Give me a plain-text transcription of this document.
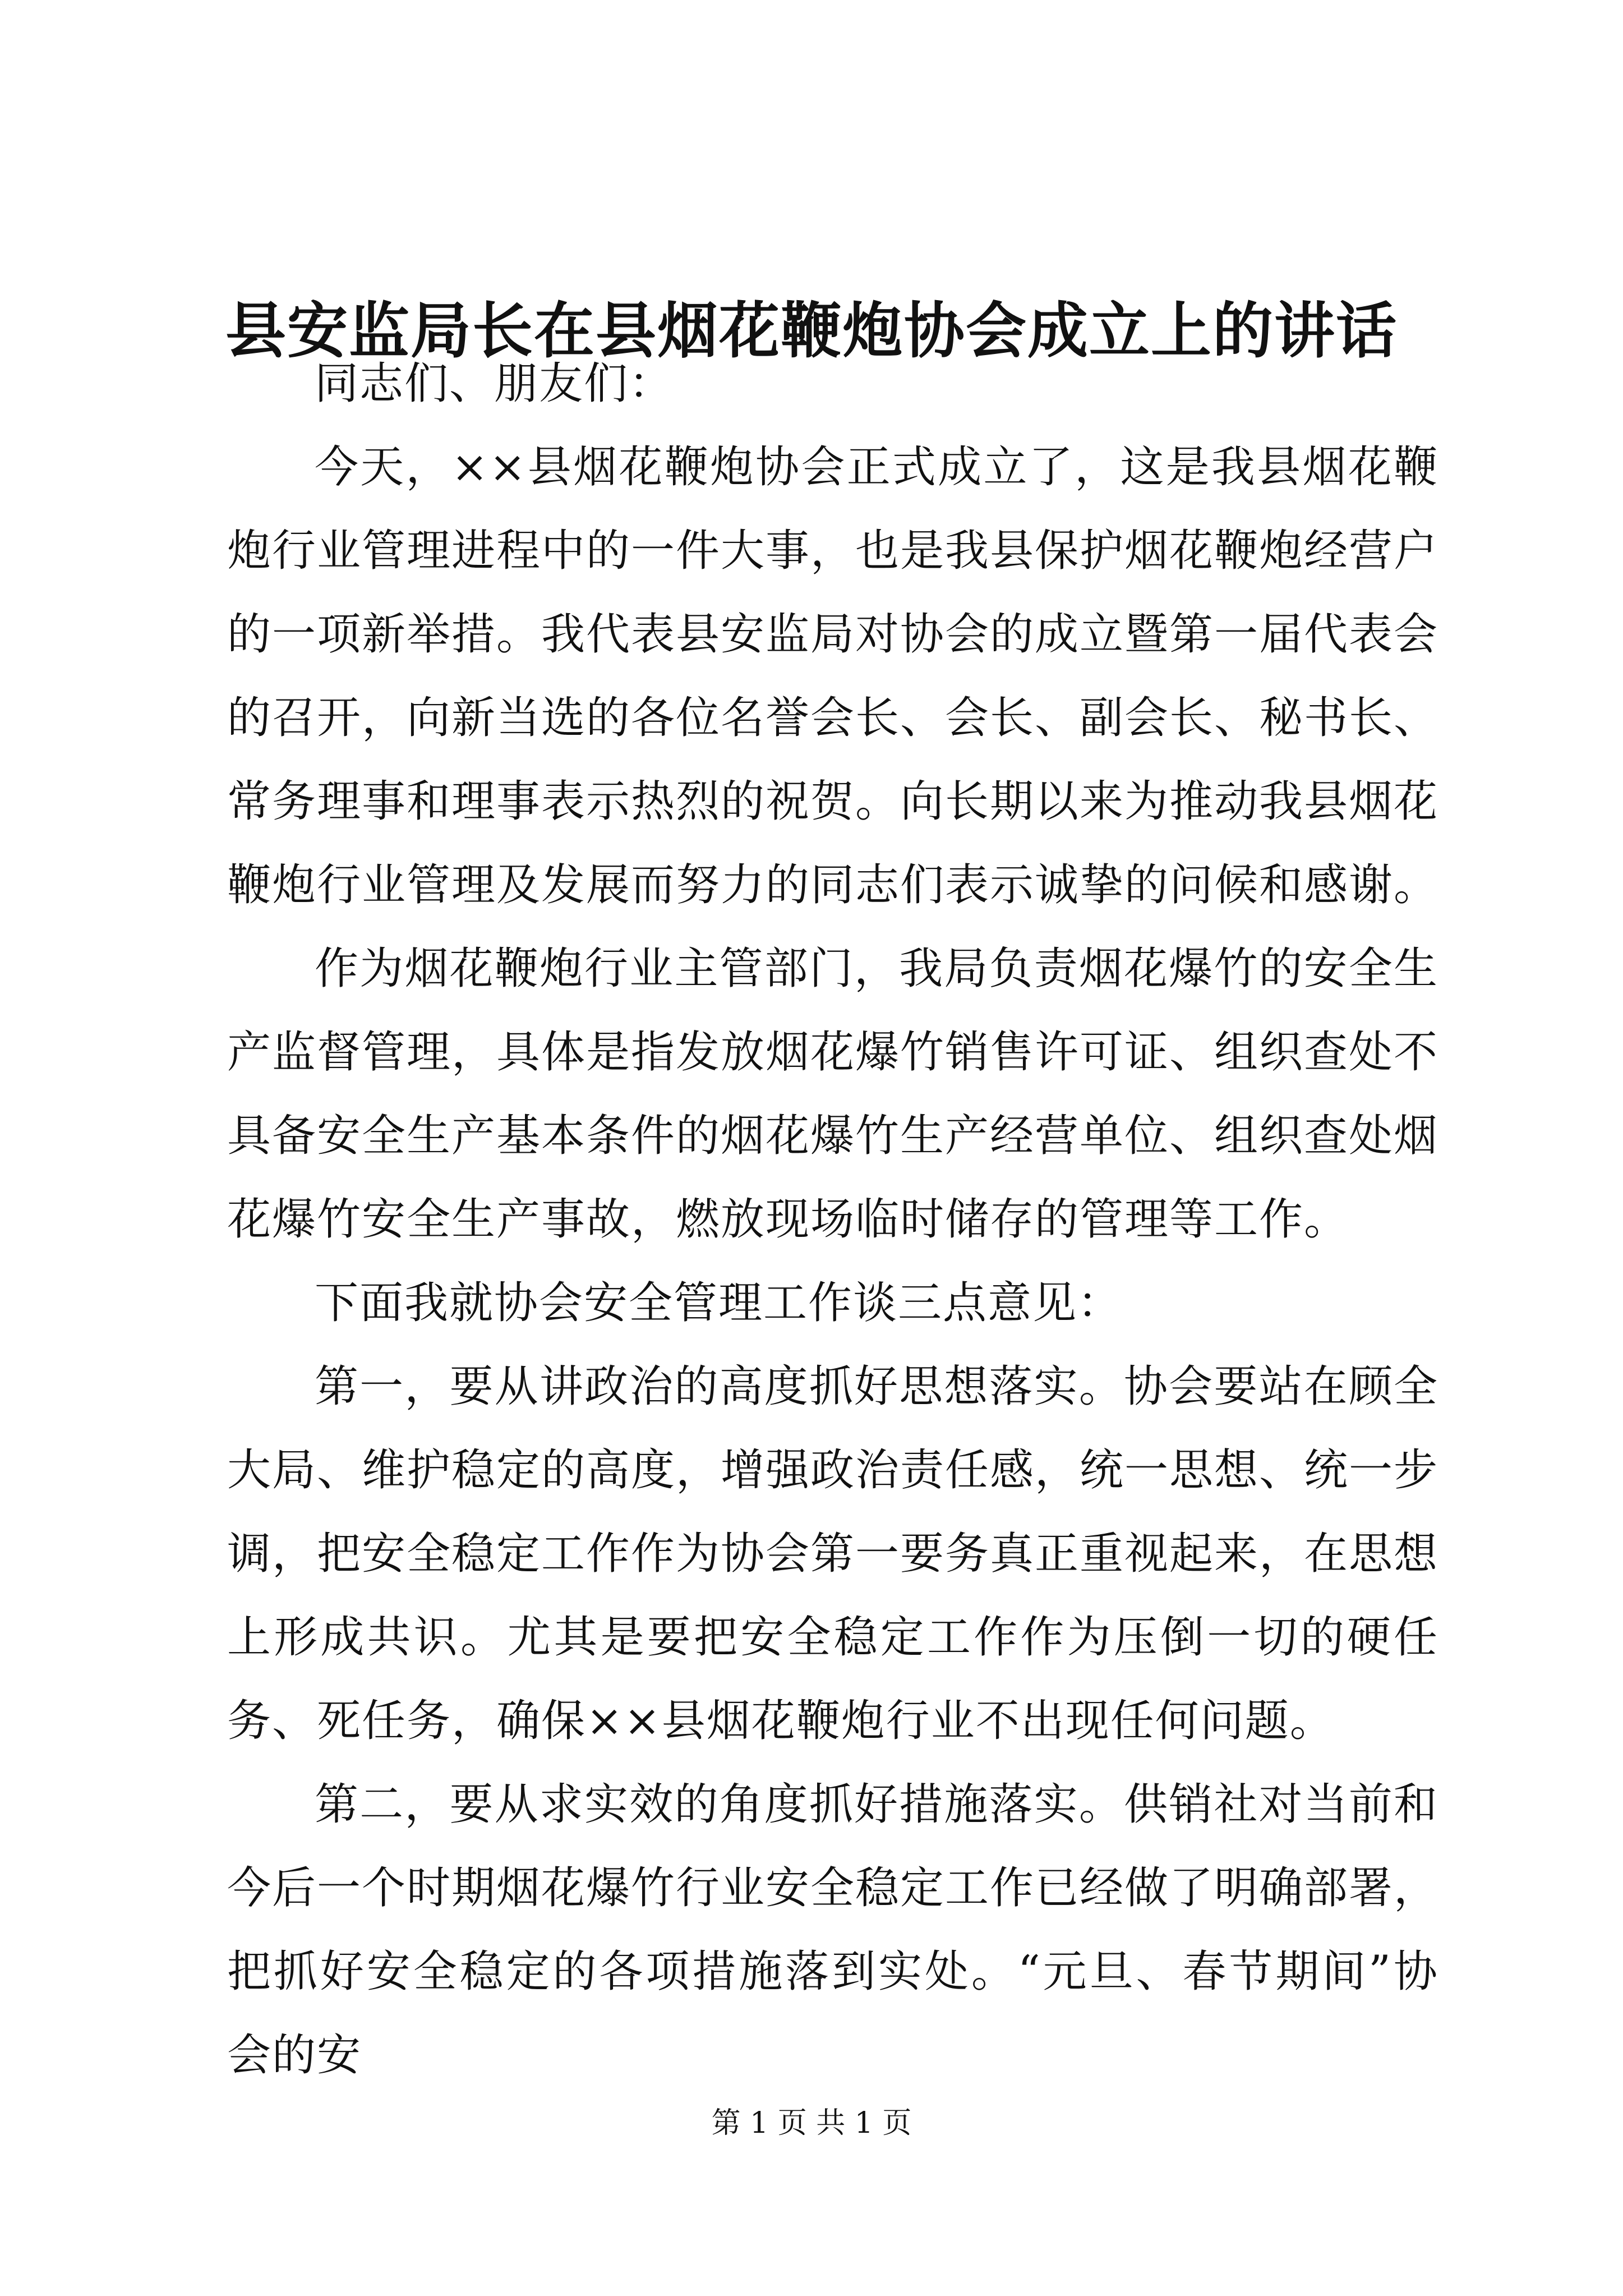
县安监局长在县烟花鞭炮协会成立上的讲话

同志们、朋友们：

今天，××县烟花鞭炮协会正式成立了，这是我县烟花鞭炮行业管理进程中的一件大事，也是我县保护烟花鞭炮经营户的一项新举措。我代表县安监局对协会的成立暨第一届代表会的召开，向新当选的各位名誉会长、会长、副会长、秘书长、常务理事和理事表示热烈的祝贺。向长期以来为推动我县烟花鞭炮行业管理及发展而努力的同志们表示诚挚的问候和感谢。

作为烟花鞭炮行业主管部门，我局负责烟花爆竹的安全生产监督管理，具体是指发放烟花爆竹销售许可证、组织查处不具备安全生产基本条件的烟花爆竹生产经营单位、组织查处烟花爆竹安全生产事故，燃放现场临时储存的管理等工作。

下面我就协会安全管理工作谈三点意见：

第一，要从讲政治的高度抓好思想落实。协会要站在顾全大局、维护稳定的高度，增强政治责任感，统一思想、统一步调，把安全稳定工作作为协会第一要务真正重视起来，在思想上形成共识。尤其是要把安全稳定工作作为压倒一切的硬任务、死任务，确保××县烟花鞭炮行业不出现任何问题。

第二，要从求实效的角度抓好措施落实。供销社对当前和今后一个时期烟花爆竹行业安全稳定工作已经做了明确部署，把抓好安全稳定的各项措施落到实处。“元旦、春节期间”协会的安

第 1 页 共 1 页
